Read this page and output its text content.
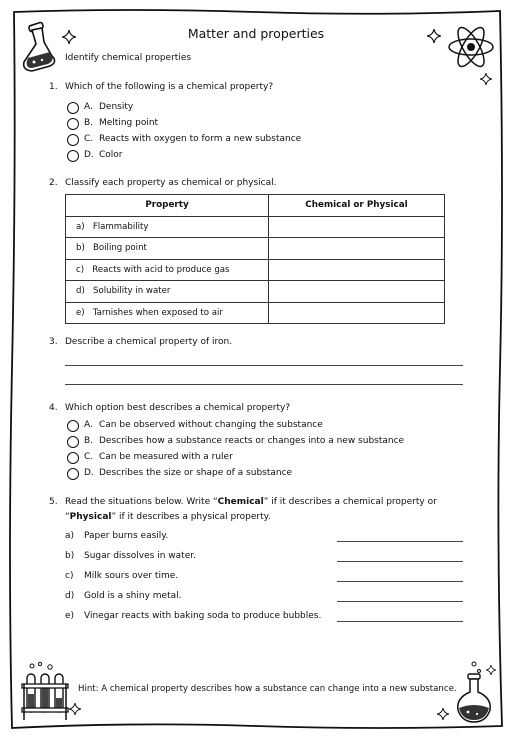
Matter and properties
Identify chemical properties
1. Which of the following is a chemical property?
A. Density
B. Melting point
C. Reacts with oxygen to form a new substance
D. Color
2. Classify each property as chemical or physical.
Property	Chemical or Physical
a) Flammability	
b) Boiling point	
c) Reacts with acid to produce gas	
d) Solubility in water	
e) Tarnishes when exposed to air	
3. Describe a chemical property of iron.
4. Which option best describes a chemical property?
A. Can be observed without changing the substance
B. Describes how a substance reacts or changes into a new substance
C. Can be measured with a ruler
D. Describes the size or shape of a substance
5. Read the situations below. Write “Chemical” if it describes a chemical property or
“Physical” if it describes a physical property.
a) Paper burns easily.
b) Sugar dissolves in water.
c) Milk sours over time.
d) Gold is a shiny metal.
e) Vinegar reacts with baking soda to produce bubbles.
Hint: A chemical property describes how a substance can change into a new substance.
